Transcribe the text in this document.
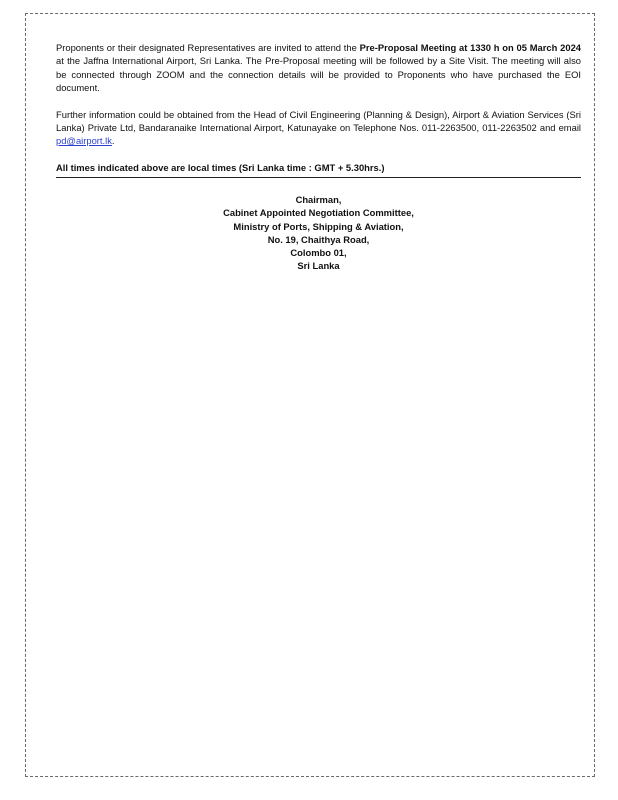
Proponents or their designated Representatives are invited to attend the Pre-Proposal Meeting at 1330 h on 05 March 2024 at the Jaffna International Airport, Sri Lanka. The Pre-Proposal meeting will be followed by a Site Visit. The meeting will also be connected through ZOOM and the connection details will be provided to Proponents who have purchased the EOI document.

Further information could be obtained from the Head of Civil Engineering (Planning & Design), Airport & Aviation Services (Sri Lanka) Private Ltd, Bandaranaike International Airport, Katunayake on Telephone Nos. 011-2263500, 011-2263502 and email pd@airport.lk.

All times indicated above are local times (Sri Lanka time : GMT + 5.30hrs.)
Chairman,
Cabinet Appointed Negotiation Committee,
Ministry of Ports, Shipping & Aviation,
No. 19, Chaithya Road,
Colombo 01,
Sri Lanka
